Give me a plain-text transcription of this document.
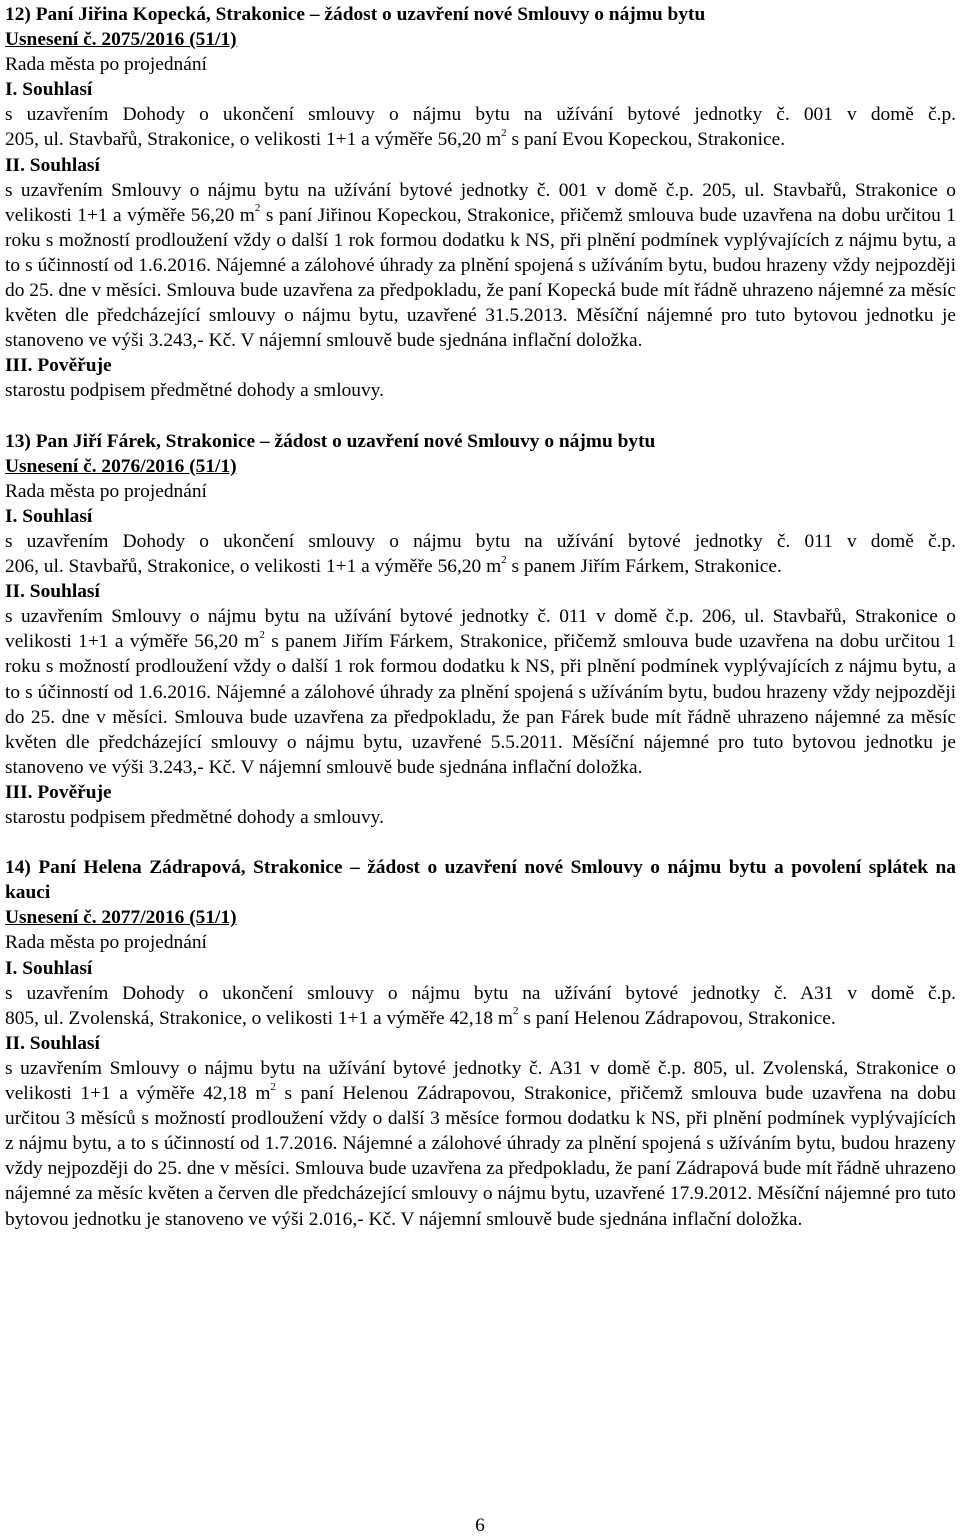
12) Paní Jiřina Kopecká, Strakonice – žádost o uzavření nové Smlouvy o nájmu bytu

Usnesení č. 2075/2016 (51/1)

Rada města po projednání

I. Souhlasí

s uzavřením Dohody o ukončení smlouvy o nájmu bytu na užívání bytové jednotky č. 001 v domě č.p.

205, ul. Stavbařů, Strakonice, o velikosti 1+1 a výměře 56,20 $m^2$ s paní Evou Kopeckou, Strakonice.

II. Souhlasí

s uzavřením Smlouvy o nájmu bytu na užívání bytové jednotky č. 001 v domě č.p. 205, ul. Stavbařů, Strakonice o velikosti 1+1 a výměře 56,20 $m^2$ s paní Jiřinou Kopeckou, Strakonice, přičemž smlouva bude uzavřena na dobu určitou 1 roku s možností prodloužení vždy o další 1 rok formou dodatku k NS, při plnění podmínek vyplývajících z nájmu bytu, a to s účinností od 1.6.2016. Nájemné a zálohové úhrady za plnění spojená s užíváním bytu, budou hrazeny vždy nejpozději do 25. dne v měsíci. Smlouva bude uzavřena za předpokladu, že paní Kopecká bude mít řádně uhrazeno nájemné za měsíc květen dle předcházející smlouvy o nájmu bytu, uzavřené 31.5.2013. Měsíční nájemné pro tuto bytovou jednotku je stanoveno ve výši 3.243,- Kč. V nájemní smlouvě bude sjednána inflační doložka.

III. Pověřuje

starostu podpisem předmětné dohody a smlouvy.

13) Pan Jiří Fárek, Strakonice – žádost o uzavření nové Smlouvy o nájmu bytu

Usnesení č. 2076/2016 (51/1)

Rada města po projednání

I. Souhlasí

s uzavřením Dohody o ukončení smlouvy o nájmu bytu na užívání bytové jednotky č. 011 v domě č.p.

206, ul. Stavbařů, Strakonice, o velikosti 1+1 a výměře 56,20 $m^2$ s panem Jiřím Fárkem, Strakonice.

II. Souhlasí

s uzavřením Smlouvy o nájmu bytu na užívání bytové jednotky č. 011 v domě č.p. 206, ul. Stavbařů, Strakonice o velikosti 1+1 a výměře 56,20 $m^2$ s panem Jiřím Fárkem, Strakonice, přičemž smlouva bude uzavřena na dobu určitou 1 roku s možností prodloužení vždy o další 1 rok formou dodatku k NS, při plnění podmínek vyplývajících z nájmu bytu, a to s účinností od 1.6.2016. Nájemné a zálohové úhrady za plnění spojená s užíváním bytu, budou hrazeny vždy nejpozději do 25. dne v měsíci. Smlouva bude uzavřena za předpokladu, že pan Fárek bude mít řádně uhrazeno nájemné za měsíc květen dle předcházející smlouvy o nájmu bytu, uzavřené 5.5.2011. Měsíční nájemné pro tuto bytovou jednotku je stanoveno ve výši 3.243,- Kč. V nájemní smlouvě bude sjednána inflační doložka.

III. Pověřuje

starostu podpisem předmětné dohody a smlouvy.

14) Paní Helena Zádrapová, Strakonice – žádost o uzavření nové Smlouvy o nájmu bytu a povolení splátek na kauci

Usnesení č. 2077/2016 (51/1)

Rada města po projednání

I. Souhlasí

s uzavřením Dohody o ukončení smlouvy o nájmu bytu na užívání bytové jednotky č. A31 v domě č.p.

805, ul. Zvolenská, Strakonice, o velikosti 1+1 a výměře 42,18 $m^2$ s paní Helenou Zádrapovou, Strakonice.

II. Souhlasí

s uzavřením Smlouvy o nájmu bytu na užívání bytové jednotky č. A31 v domě č.p. 805, ul. Zvolenská, Strakonice o velikosti 1+1 a výměře 42,18 $m^2$ s paní Helenou Zádrapovou, Strakonice, přičemž smlouva bude uzavřena na dobu určitou 3 měsíců s možností prodloužení vždy o další 3 měsíce formou dodatku k NS, při plnění podmínek vyplývajících z nájmu bytu, a to s účinností od 1.7.2016. Nájemné a zálohové úhrady za plnění spojená s užíváním bytu, budou hrazeny vždy nejpozději do 25. dne v měsíci. Smlouva bude uzavřena za předpokladu, že paní Zádrapová bude mít řádně uhrazeno nájemné za měsíc květen a červen dle předcházející smlouvy o nájmu bytu, uzavřené 17.9.2012. Měsíční nájemné pro tuto bytovou jednotku je stanoveno ve výši 2.016,- Kč. V nájemní smlouvě bude sjednána inflační doložka.

6
